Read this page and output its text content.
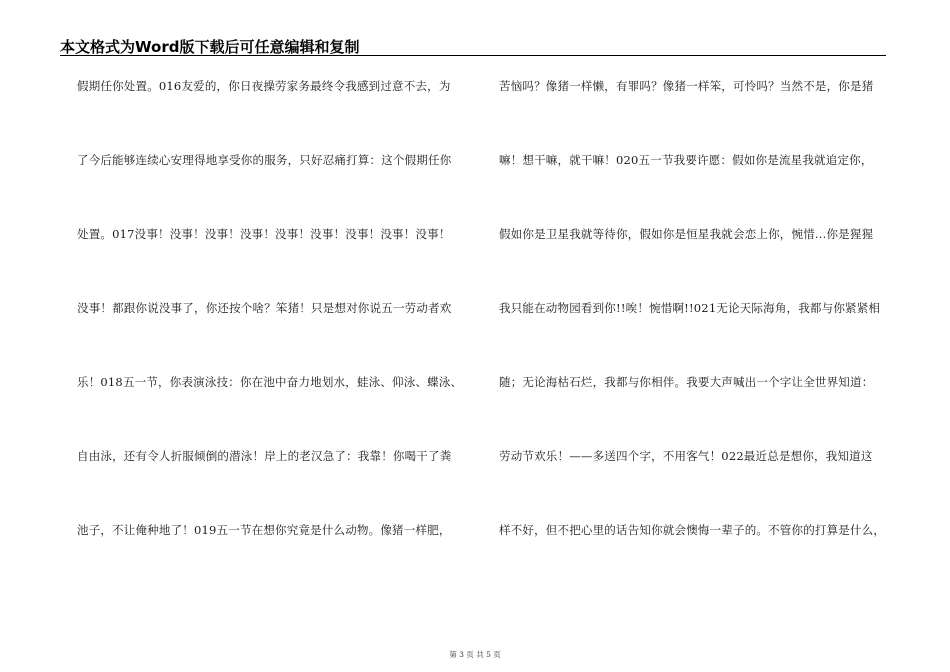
本文格式为Word版下载后可任意编辑和复制
假期任你处置。016友爱的，你日夜操劳家务最终令我感到过意不去，为
了今后能够连续心安理得地享受你的服务，只好忍痛打算：这个假期任你
处置。017没事！没事！没事！没事！没事！没事！没事！没事！没事！
没事！都跟你说没事了，你还按个啥？笨猪！只是想对你说五一劳动者欢
乐！018五一节，你表演泳技：你在池中奋力地划水，蛙泳、仰泳、蝶泳、
自由泳，还有令人折服倾倒的潜泳！岸上的老汉急了：我靠！你喝干了粪
池子，不让俺种地了！019五一节在想你究竟是什么动物。像猪一样肥，
苦恼吗？像猪一样懒，有罪吗？像猪一样笨，可怜吗？当然不是，你是猪
嘛！想干嘛，就干嘛！020五一节我要许愿：假如你是流星我就追定你，
假如你是卫星我就等待你，假如你是恒星我就会恋上你，惋惜...你是猩猩
我只能在动物园看到你!!唉！惋惜啊!!021无论天际海角，我都与你紧紧相
随；无论海枯石烂，我都与你相伴。我要大声喊出一个字让全世界知道：
劳动节欢乐！——多送四个字，不用客气！022最近总是想你，我知道这
样不好，但不把心里的话告知你就会懊悔一辈子的。不管你的打算是什么，
第 3 页 共 5 页
